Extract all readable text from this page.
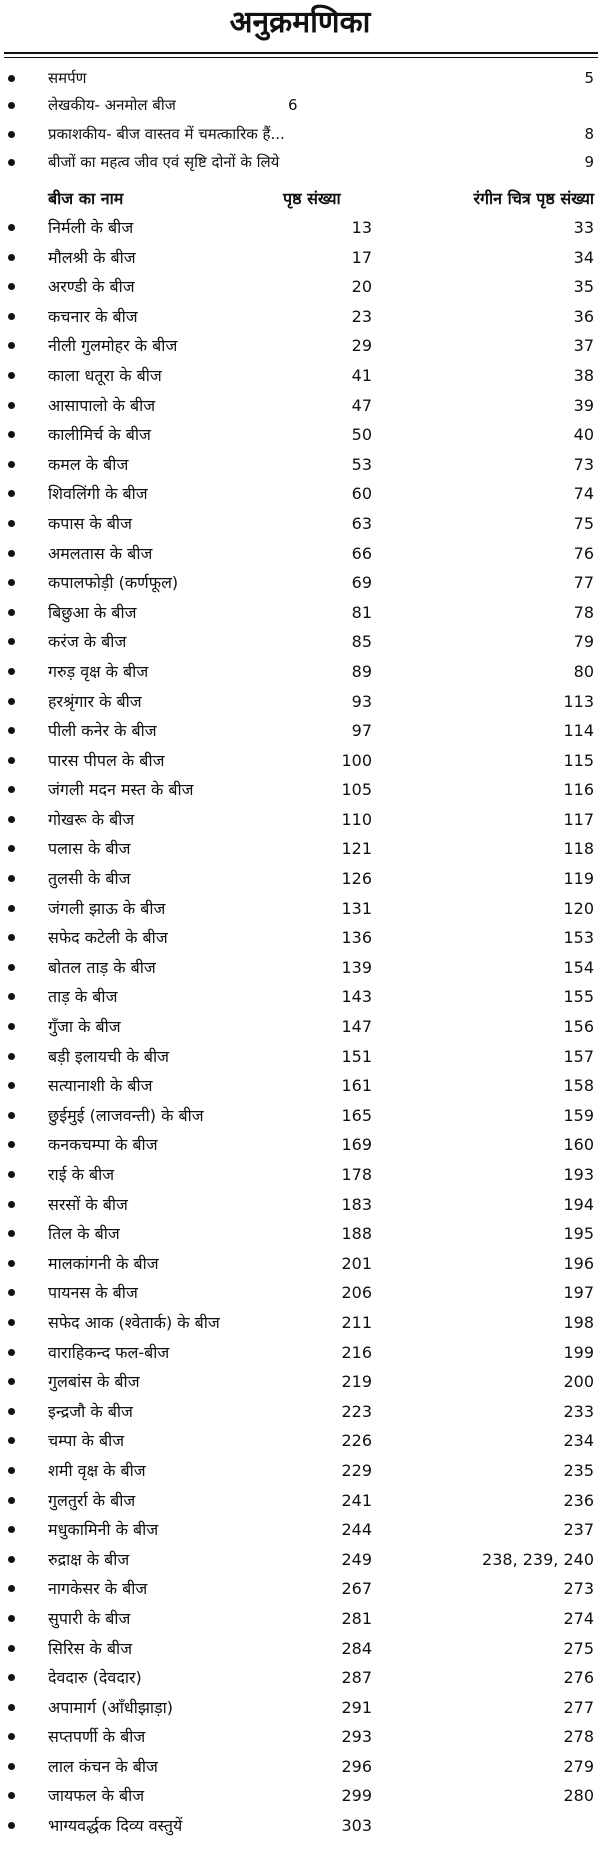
अनुक्रमणिका
समर्पण	5
लेखकीय- अनमोल बीज	6
प्रकाशकीय- बीज वास्तव में चमत्कारिक हैं...	8
बीजों का महत्व जीव एवं सृष्टि दोनों के लिये	9
बीज का नाम	पृष्ठ संख्या	रंगीन चित्र पृष्ठ संख्या
निर्मली के बीज	13	33
मौलश्री के बीज	17	34
अरण्डी के बीज	20	35
कचनार के बीज	23	36
नीली गुलमोहर के बीज	29	37
काला धतूरा के बीज	41	38
आसापालो के बीज	47	39
कालीमिर्च के बीज	50	40
कमल के बीज	53	73
शिवलिंगी के बीज	60	74
कपास के बीज	63	75
अमलतास के बीज	66	76
कपालफोड़ी (कर्णफूल)	69	77
बिछुआ के बीज	81	78
करंज के बीज	85	79
गरुड़ वृक्ष के बीज	89	80
हरश्रृंगार के बीज	93	113
पीली कनेर के बीज	97	114
पारस पीपल के बीज	100	115
जंगली मदन मस्त के बीज	105	116
गोखरू के बीज	110	117
पलास के बीज	121	118
तुलसी के बीज	126	119
जंगली झाऊ के बीज	131	120
सफेद कटेली के बीज	136	153
बोतल ताड़ के बीज	139	154
ताड़ के बीज	143	155
गुँजा के बीज	147	156
बड़ी इलायची के बीज	151	157
सत्यानाशी के बीज	161	158
छुईमुई (लाजवन्ती) के बीज	165	159
कनकचम्पा के बीज	169	160
राई के बीज	178	193
सरसों के बीज	183	194
तिल के बीज	188	195
मालकांगनी के बीज	201	196
पायनस के बीज	206	197
सफेद आक (श्वेतार्क) के बीज	211	198
वाराहिकन्द फल-बीज	216	199
गुलबांस के बीज	219	200
इन्द्रजौ के बीज	223	233
चम्पा के बीज	226	234
शमी वृक्ष के बीज	229	235
गुलतुर्रा के बीज	241	236
मधुकामिनी के बीज	244	237
रुद्राक्ष के बीज	249	238, 239, 240
नागकेसर के बीज	267	273
सुपारी के बीज	281	274
सिरिस के बीज	284	275
देवदारु (देवदार)	287	276
अपामार्ग (आँधीझाड़ा)	291	277
सप्तपर्णी के बीज	293	278
लाल कंचन के बीज	296	279
जायफल के बीज	299	280
भाग्यवर्द्धक दिव्य वस्तुयें	303
